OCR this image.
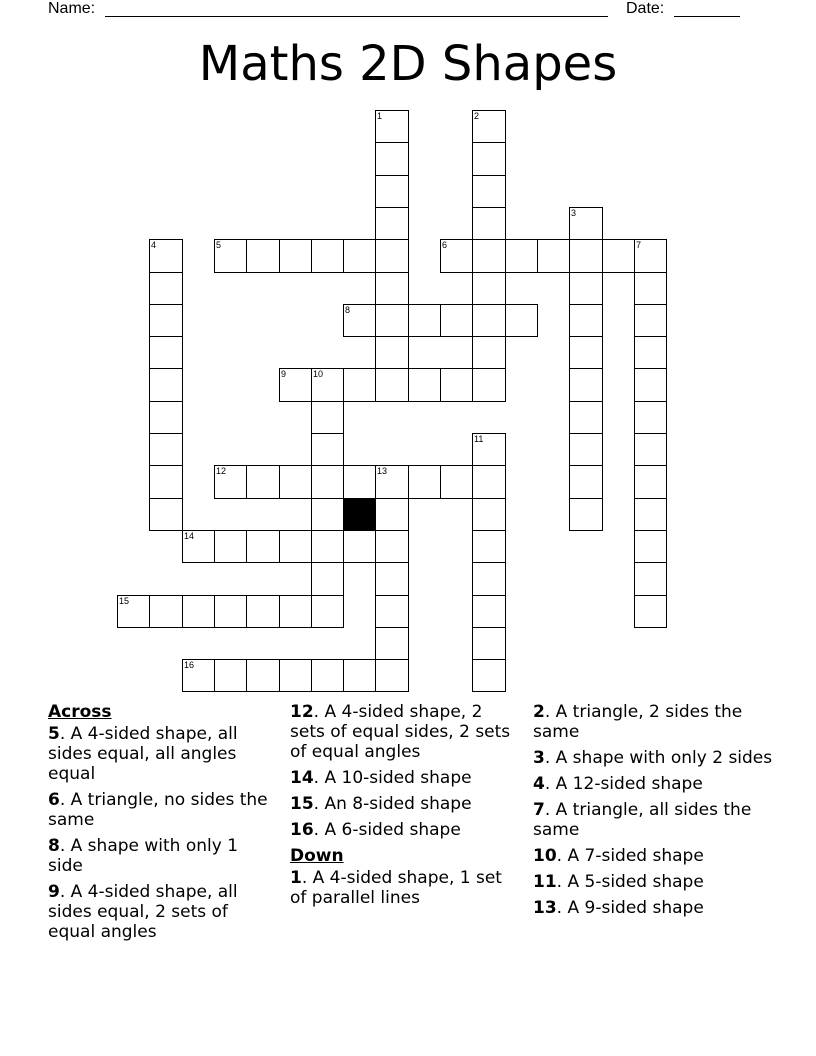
Name:	Date:
Maths 2D Shapes
1	2
3
4	5	6	7
8
9	10
11
12	13
14
15
16
Across
5. A 4-sided shape, all sides equal, all angles equal
6. A triangle, no sides the same
8. A shape with only 1 side
9. A 4-sided shape, all sides equal, 2 sets of equal angles
12. A 4-sided shape, 2 sets of equal sides, 2 sets of equal angles
14. A 10-sided shape
15. An 8-sided shape
16. A 6-sided shape
Down
1. A 4-sided shape, 1 set of parallel lines
2. A triangle, 2 sides the same
3. A shape with only 2 sides
4. A 12-sided shape
7. A triangle, all sides the same
10. A 7-sided shape
11. A 5-sided shape
13. A 9-sided shape
